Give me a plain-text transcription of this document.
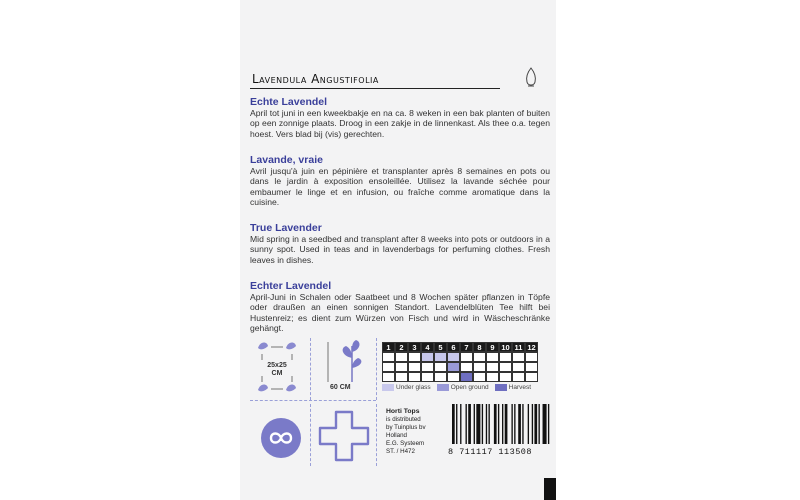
Lavendula Angustifolia
Echte Lavendel
April tot juni in een kweekbakje en na ca. 8 weken in een bak planten of buiten op een zonnige plaats. Droog in een zakje in de linnenkast. Als thee o.a. tegen hoest. Vers blad bij (vis) gerechten.
Lavande, vraie
Avril jusqu'à juin en pépinière et transplanter après 8 semaines en pots ou dans le jardin à exposition ensoleillée. Utilisez la lavande séchée pour embaumer le linge et en infusion, ou fraîche comme aromatique dans la cuisine.
True Lavender
Mid spring in a seedbed and transplant after 8 weeks into pots or outdoors in a sunny spot. Used in teas and in lavenderbags for perfuming clothes. Fresh leaves in dishes.
Echter Lavendel
April-Juni in Schalen oder Saatbeet und 8 Wochen später pflanzen in Töpfe oder draußen an einen sonnigen Standort. Lavendelblüten Tee hilft bei Hustenreiz; es dient zum Würzen von Fisch und wird in Wäscheschränke gehängt.
25x25
CM
60 CM
1	2	3	4	5	6	7	8	9 10 11 12
Under glass	Open ground	Harvest
Horti Tops
is distributed
by Tuinplus bv
Holland
E.G. Systeem
ST. / H472	8 711117 113508
